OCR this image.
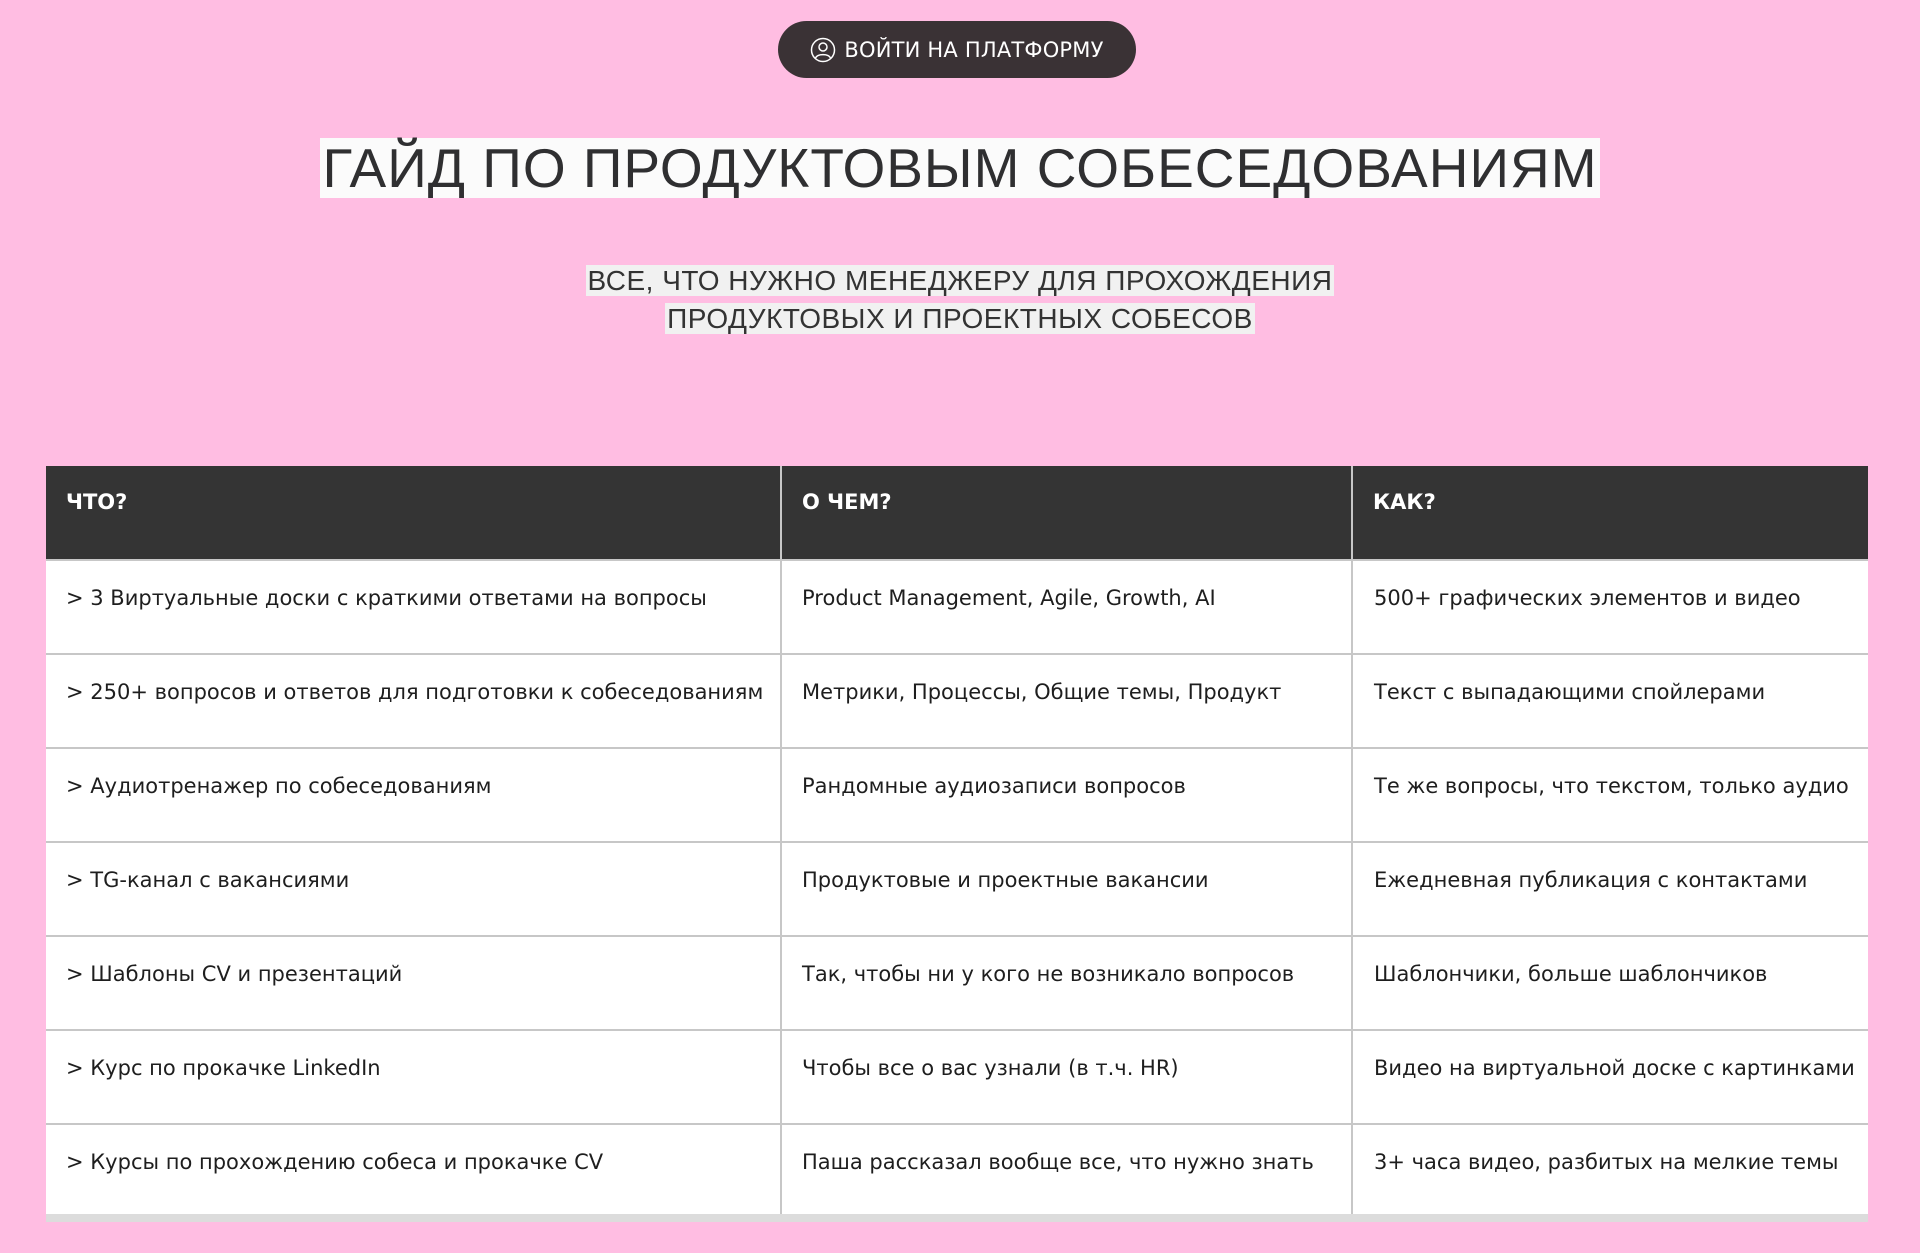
ВОЙТИ НА ПЛАТФОРМУ
ГАЙД ПО ПРОДУКТОВЫМ СОБЕСЕДОВАНИЯМ
ВСЕ, ЧТО НУЖНО МЕНЕДЖЕРУ ДЛЯ ПРОХОЖДЕНИЯ
ПРОДУКТОВЫХ И ПРОЕКТНЫХ СОБЕСОВ
ЧТО?	О ЧЕМ?	КАК?
> 3 Виртуальные доски с краткими ответами на вопросы	Product Management, Agile, Growth, AI	500+ графических элементов и видео
> 250+ вопросов и ответов для подготовки к собеседованиям	Метрики, Процессы, Общие темы, Продукт	Текст с выпадающими спойлерами
> Аудиотренажер по собеседованиям	Рандомные аудиозаписи вопросов	Те же вопросы, что текстом, только аудио
> TG-канал с вакансиями	Продуктовые и проектные вакансии	Ежедневная публикация с контактами
> Шаблоны CV и презентаций	Так, чтобы ни у кого не возникало вопросов	Шаблончики, больше шаблончиков
> Курс по прокачке LinkedIn	Чтобы все о вас узнали (в т.ч. HR)	Видео на виртуальной доске с картинками
> Курсы по прохождению собеса и прокачке CV	Паша рассказал вообще все, что нужно знать	3+ часа видео, разбитых на мелкие темы
